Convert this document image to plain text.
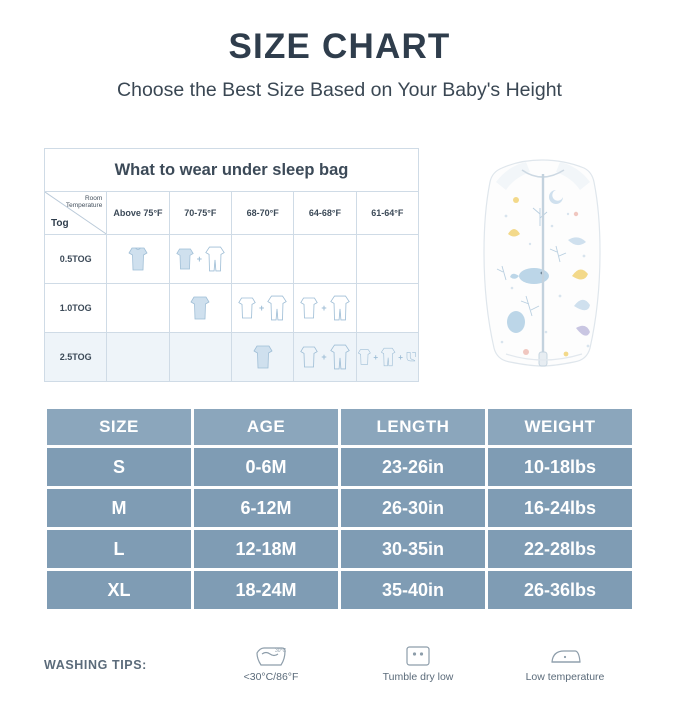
SIZE CHART

Choose the Best Size Based on Your Baby's Height

What to wear under sleep bag					

Room
Temperature
Tog	Above 75°F	70-75°F	68-70°F	64-68°F	61-64°F
0.5TOG		+			

1.0TOG			+	+	

2.5TOG				+	+ +
SIZE	AGE	LENGTH	WEIGHT
S	0-6M	23-26in	10-18lbs
M	6-12M	26-30in	16-24lbs
L	12-18M	30-35in	22-28lbs
XL	18-24M	35-40in	26-36lbs
WASHING TIPS:
30°C
<30°C/86°F	Tumble dry low	Low temperature
